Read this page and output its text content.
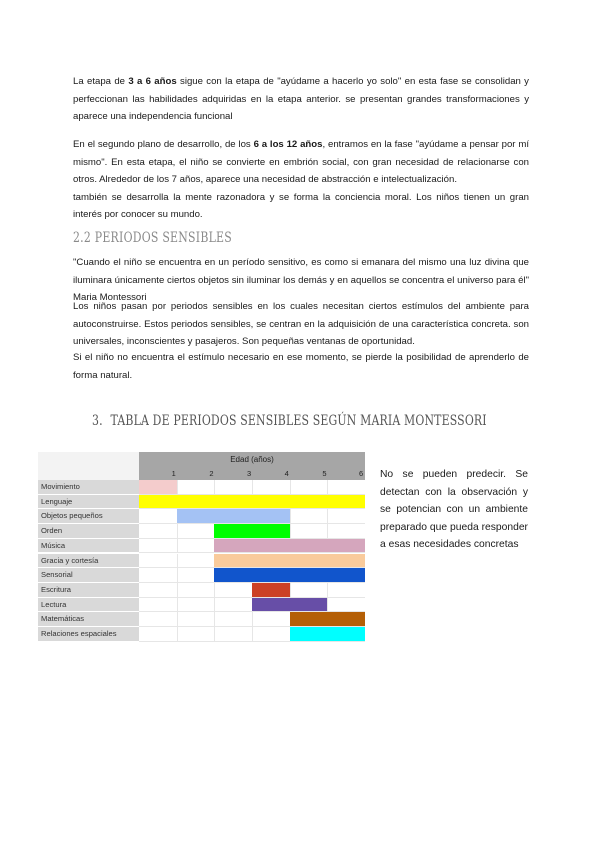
La etapa de 3 a 6 años sigue con la etapa de "ayúdame a hacerlo yo solo" en esta fase se consolidan y perfeccionan las habilidades adquiridas en la etapa anterior. se presentan grandes transformaciones y aparece una independencia funcional
En el segundo plano de desarrollo, de los 6 a los 12 años, entramos en la fase "ayúdame a pensar por mí mismo". En esta etapa, el niño se convierte en embrión social, con gran necesidad de relacionarse con otros. Alrededor de los 7 años, aparece una necesidad de abstracción e intelectualización.
también se desarrolla la mente razonadora y se forma la conciencia moral. Los niños tienen un gran interés por conocer su mundo.
2.2 PERIODOS SENSIBLES
"Cuando el niño se encuentra en un período sensitivo, es como si emanara del mismo una luz divina que iluminara únicamente ciertos objetos sin iluminar los demás y en aquellos se concentra el universo para él" Maria Montessori
Los niños pasan por periodos sensibles en los cuales necesitan ciertos estímulos del ambiente para autoconstruirse. Estos periodos sensibles, se centran en la adquisición de una característica concreta. son universales, inconscientes y pasajeros. Son pequeñas ventanas de oportunidad.
Si el niño no encuentra el estímulo necesario en ese momento, se pierde la posibilidad de aprenderlo de forma natural.
3. TABLA DE PERIODOS SENSIBLES SEGÚN MARIA MONTESSORI
Edad (años)
1	2	3	4	5	6
Movimiento
Lenguaje
Objetos pequeños
Orden
Música
Gracia y cortesía
Sensorial
Escritura
Lectura
Matemáticas
Relaciones espaciales
No se pueden predecir. Se detectan con la observación y se potencian con un ambiente preparado que pueda responder a esas necesidades concretas
